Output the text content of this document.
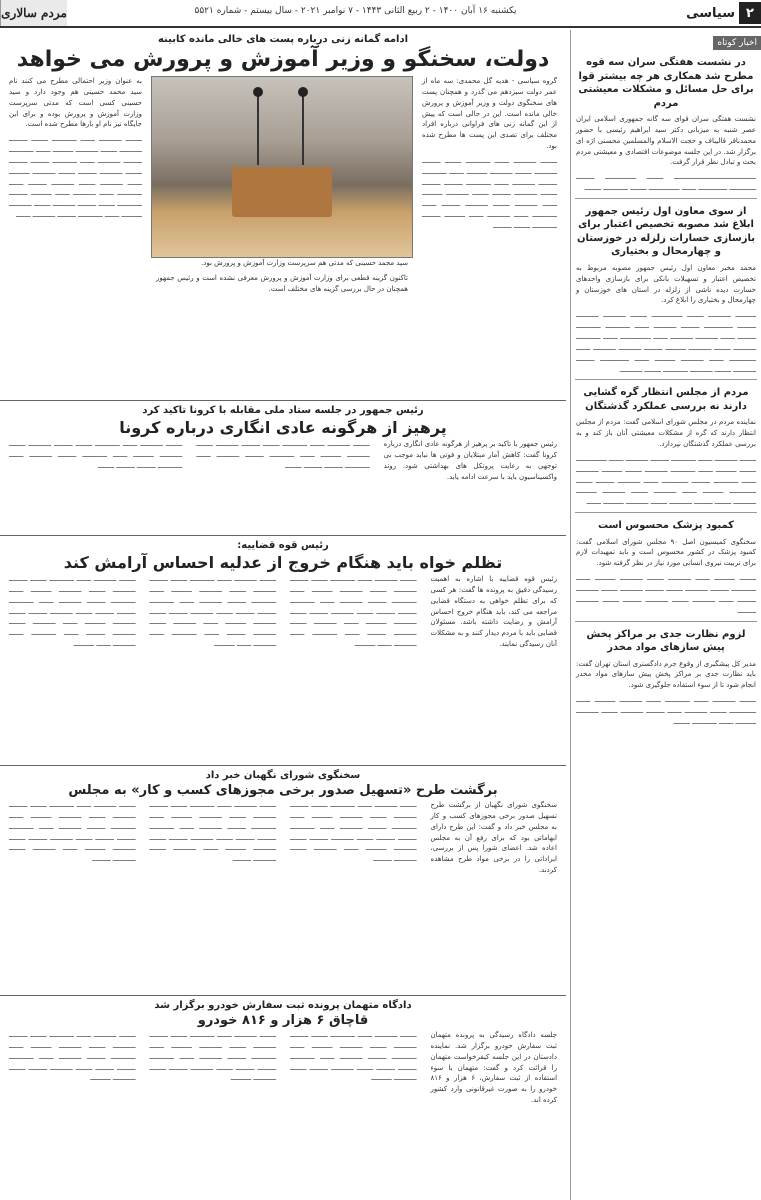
۲
سیاسی
یکشنبه ۱۶ آبان ۱۴۰۰ - ۲ ربیع الثانی ۱۴۴۳ - ۷ نوامبر ۲۰۲۱ - سال بیستم - شماره ۵۵۲۱
مردم سالاری
اخبار کوتاه
در نشست هفتگی سران سه قوه مطرح شد همکاری هر چه بیشتر قوا برای حل مسائل و مشکلات معیشتی مردم

نشست هفتگی سران قوای سه گانه جمهوری اسلامی ایران عصر شنبه به میزبانی دکتر سید ابراهیم رئیسی با حضور محمدباقر قالیباف و حجت الاسلام والمسلمین محسنی اژه ای برگزار شد. در این جلسه موضوعات اقتصادی و معیشتی مردم بحث و تبادل نظر قرار گرفت.

ــــــــــــــــــــــــــــــــــــــــ ــــــــ ـــــــــــــــ ـــــــــ ـــــــــــــ ــــــــــــــ ـــــــ ـــــــــــــــ ــــــــ ــــــــــــ ــــــــ

از سوی معاون اول رئیس جمهور ابلاغ شد مصوبه تخصیص اعتبار برای بازسازی خسارات زلزله در خوزستان و چهارمحال و بختیاری

محمد مخبر معاون اول رئیس جمهور مصوبه مربوط به تخصیص اعتبار و تسهیلات بانکی برای بازسازی واحدهای خسارت دیده ناشی از زلزله در استان های خوزستان و چهارمحال و بختیاری را ابلاغ کرد.

ــــــــــ ـــــــــــ ــــــــ ـــــــــــــــ ــــــــ ـــــــــــ ـــــــــــ ـــــــــ ــــــــــــــ ـــــــــ ـــــــــــ ـــــــ ــــــــــــ ــــــــــــ ـــــــــ ـــــــ ـــــــــــ ـــــــــــ ـــــــ ـــــــــــــــ ـــــــ ــــــــــــ ـــــــــــ ــــــــ ـــــــــــ ــــــــــ ـــــــــ ـــــــــــ ـــــــــــ ـــــــ ـــــــــــــ ـــــــ ـــــــــــ ــــــــــ ـــــــ ــــــــــــــ ـــــــــ ـــــــــــ ــــــــ ـــــــــــ ــــــــــــ ــــــــ ـــــــــــ

مردم از مجلس انتظار گره گشایی دارند نه بررسی عملکرد گذشتگان

نماینده مردم در مجلس شورای اسلامی گفت: مردم از مجلس انتظار دارند که گره از مشکلات معیشتی آنان باز کند و به بررسی عملکرد گذشتگان نپردازد.

ــــــــ ـــــــــــ ـــــــ ــــــــــــ ـــــــــ ـــــــــــ ـــــــ ـــــــــــــــ ــــــــ ــــــــــ ـــــــ ــــــــــــ ـــــــــــ ــــــــ ــــــــــ ـــــــــــ ـــــــ ــــــــــــ ـــــــــ ـــــــــــــ ـــــــ ـــــــــــ ـــــــــ ــــــــ ـــــــــــــ ــــــــــ ـــــــ ـــــــــــ ــــــــ ـــــــــــ ــــــــــ ـــــــــــ ــــــــ ـــــــــ ـــــــــــ ــــــــ ـــــــــــ ــــــــــ ـــــــ

کمبود پزشک محسوس است

سخنگوی کمیسیون اصل ۹۰ مجلس شورای اسلامی گفت: کمبود پزشک در کشور محسوس است و باید تمهیدات لازم برای تربیت نیروی انسانی مورد نیاز در نظر گرفته شود.

ــــــــ ــــــــــ ـــــــ ـــــــــــ ــــــــ ـــــــــــ ــــــــــ ـــــــ ــــــــــــ ـــــــــ ـــــــــــ ــــــــ ـــــــــ ـــــــــــ ــــــــ ـــــــــــ ـــــــــ ـــــــ ـــــــــــ ــــــــ ـــــــــــ ـــــــــ ــــــــ ـــــــــــ ـــــــــ

لزوم نظارت جدی بر مراکز پخش پیش سازهای مواد مخدر

مدیر کل پیشگیری از وقوع جرم دادگستری استان تهران گفت: باید نظارت جدی بر مراکز پخش پیش سازهای مواد مخدر انجام شود تا از سوء استفاده جلوگیری شود.

ــــــــ ـــــــــــ ـــــــ ــــــــــــ ـــــــ ـــــــــــ ــــــــــ ـــــــ ـــــــــــــ ــــــــ ـــــــــــ ـــــــ ـــــــــ ـــــــــــ ــــــــ ـــــــــــ ــــــــــ ـــــــ ــــــــــــ ــــــــ

ادامه گمانه زنی درباره پست های خالی مانده کابینه
دولت، سخنگو و وزیر آموزش و پرورش می خواهد

گروه سیاسی - هدیه گل محمدی: سه ماه از عمر دولت سیزدهم می گذرد و همچنان پست های سخنگوی دولت و وزیر آموزش و پرورش خالی مانده است. این در حالی است که پیش از این گمانه زنی های فراوانی درباره افراد مختلف برای تصدی این پست ها مطرح شده بود.

ــــــــ ـــــــــــ ـــــــ ــــــــــــ ــــــــ ـــــــــ ـــــــــــ ــــــــ ـــــــــــ ــــــــــ ـــــــ ــــــــــــ ـــــــــ ـــــــــــ ـــــــ ــــــــــــ ـــــــــ ـــــــــ ــــــــ ـــــــــــ ـــــــــ ــــــــ ـــــــــــ ــــــــــ ـــــــ ـــــــــــ ــــــــ ـــــــــــ ـــــــــ ـــــــ ــــــــــــ ـــــــ ـــــــــــ ـــــــ ــــــــــ ـــــــــ ــــــــــــ ــــــــ ـــــــــ

سید محمد حسینی که مدتی هم سرپرست وزارت آموزش و پرورش بود.

تاکنون گزینه قطعی برای وزارت آموزش و پرورش معرفی نشده است و رئیس جمهور همچنان در حال بررسی گزینه های مختلف است.

به عنوان وزیر احتمالی مطرح می کنند نام سید محمد حسینی هم وجود دارد و سید حسینی کسی است که مدتی سرپرست وزارت آموزش و پرورش بوده و برای این جایگاه نیز نام او بارها مطرح شده است.

ــــــــ ـــــــــــ ـــــــ ــــــــــــ ــــــــ ـــــــــ ـــــــــــ ــــــــ ـــــــــــ ــــــــــ ـــــــ ــــــــــــ ـــــــــ ـــــــــــ ـــــــ ــــــــــــ ـــــــــ ـــــــــ ــــــــ ـــــــــــ ـــــــــ ــــــــ ـــــــــــ ــــــــــ ـــــــ ـــــــــــ ــــــــ ـــــــــــ ـــــــــ ـــــــ ــــــــــــ ـــــــ ـــــــــــ ـــــــ ــــــــــ ـــــــــ ــــــــــــ ــــــــ ـــــــــ ـــــــــــ ــــــــ ـــــــــــ ــــــــــ ـــــــ ــــــــــــ ـــــــــ ـــــــــــ ـــــــ

رئیس جمهور در جلسه ستاد ملی مقابله با کرونا تاکید کرد
پرهیز از هرگونه عادی انگاری درباره کرونا

رئیس جمهور با تاکید بر پرهیز از هرگونه عادی انگاری درباره کرونا گفت: کاهش آمار مبتلایان و فوتی ها نباید موجب بی توجهی به رعایت پروتکل های بهداشتی شود. روند واکسیناسیون باید با سرعت ادامه یابد.

ــــــــ ـــــــــــ ـــــــ ــــــــــــ ــــــــ ـــــــــ ـــــــــــ ــــــــ ـــــــــــ ــــــــــ ـــــــ ــــــــــــ ـــــــــ ـــــــــــ ـــــــ ــــــــــــ ـــــــــ ـــــــــ ــــــــ

ــــــــ ـــــــــــ ـــــــ ــــــــــــ ــــــــ ـــــــــ ـــــــــــ ــــــــ ـــــــــــ ــــــــــ ـــــــ ــــــــــــ ـــــــــ ـــــــــــ ـــــــ ــــــــــــ ـــــــــ ـــــــــ ــــــــ

رئیس قوه قضاییه:
تظلم خواه باید هنگام خروج از عدلیه احساس آرامش کند

رئیس قوه قضاییه با اشاره به اهمیت رسیدگی دقیق به پرونده ها گفت: هر کسی که برای تظلم خواهی به دستگاه قضایی مراجعه می کند، باید هنگام خروج احساس آرامش و رضایت داشته باشد. مسئولان قضایی باید با مردم دیدار کنند و به مشکلات آنان رسیدگی نمایند.

ــــــــ ـــــــــــ ـــــــ ــــــــــــ ــــــــ ـــــــــ ـــــــــــ ــــــــ ـــــــــــ ــــــــــ ـــــــ ــــــــــــ ـــــــــ ـــــــــــ ـــــــ ــــــــــــ ـــــــــ ـــــــــ ــــــــ ـــــــــــ ـــــــــ ــــــــ ـــــــــــ ــــــــــ ـــــــ ـــــــــــ ــــــــ ـــــــــــ ـــــــــ ـــــــ ــــــــــــ ـــــــ ـــــــــــ ـــــــ ــــــــــ

ــــــــ ـــــــــــ ـــــــ ــــــــــــ ــــــــ ـــــــــ ـــــــــــ ــــــــ ـــــــــــ ــــــــــ ـــــــ ــــــــــــ ـــــــــ ـــــــــــ ـــــــ ــــــــــــ ـــــــــ ـــــــــ ــــــــ ـــــــــــ ـــــــــ ــــــــ ـــــــــــ ــــــــــ ـــــــ ـــــــــــ ــــــــ ـــــــــــ ـــــــــ ـــــــ ــــــــــــ ـــــــ ـــــــــــ ـــــــ ــــــــــ

ــــــــ ـــــــــــ ـــــــ ــــــــــــ ــــــــ ـــــــــ ـــــــــــ ــــــــ ـــــــــــ ــــــــــ ـــــــ ــــــــــــ ـــــــــ ـــــــــــ ـــــــ ــــــــــــ ـــــــــ ـــــــــ ــــــــ ـــــــــــ ـــــــــ ــــــــ ـــــــــــ ــــــــــ ـــــــ ـــــــــــ ــــــــ ـــــــــــ ـــــــــ ـــــــ ــــــــــــ ـــــــ ـــــــــــ ـــــــ ــــــــــ

سخنگوی شورای نگهبان خبر داد
برگشت طرح «تسهیل صدور برخی مجوزهای کسب و کار» به مجلس

سخنگوی شورای نگهبان از برگشت طرح تسهیل صدور برخی مجوزهای کسب و کار به مجلس خبر داد و گفت: این طرح دارای ابهاماتی بود که برای رفع آن به مجلس اعاده شد. اعضای شورا پس از بررسی، ایراداتی را در برخی مواد طرح مشاهده کردند.

ــــــــ ـــــــــــ ـــــــ ــــــــــــ ــــــــ ـــــــــ ـــــــــــ ــــــــ ـــــــــــ ــــــــــ ـــــــ ــــــــــــ ـــــــــ ـــــــــــ ـــــــ ــــــــــــ ـــــــــ ـــــــــ ــــــــ ـــــــــــ ـــــــــ ــــــــ ـــــــــــ ــــــــــ ـــــــ ـــــــــــ ــــــــ ـــــــــــ ـــــــــ

ــــــــ ـــــــــــ ـــــــ ــــــــــــ ــــــــ ـــــــــ ـــــــــــ ــــــــ ـــــــــــ ــــــــــ ـــــــ ــــــــــــ ـــــــــ ـــــــــــ ـــــــ ــــــــــــ ـــــــــ ـــــــــ ــــــــ ـــــــــــ ـــــــــ ــــــــ ـــــــــــ ــــــــــ ـــــــ ـــــــــــ ــــــــ ـــــــــــ ـــــــــ

ــــــــ ـــــــــــ ـــــــ ــــــــــــ ــــــــ ـــــــــ ـــــــــــ ــــــــ ـــــــــــ ــــــــــ ـــــــ ــــــــــــ ـــــــــ ـــــــــــ ـــــــ ــــــــــــ ـــــــــ ـــــــــ ــــــــ ـــــــــــ ـــــــــ ــــــــ ـــــــــــ ــــــــــ ـــــــ ـــــــــــ ــــــــ ـــــــــــ ـــــــــ

دادگاه متهمان پرونده ثبت سفارش خودرو برگزار شد
قاچاق ۶ هزار و ۸۱۶ خودرو

جلسه دادگاه رسیدگی به پرونده متهمان ثبت سفارش خودرو برگزار شد. نماینده دادستان در این جلسه کیفرخواست متهمان را قرائت کرد و گفت: متهمان با سوء استفاده از ثبت سفارش، ۶ هزار و ۸۱۶ خودرو را به صورت غیرقانونی وارد کشور کرده اند.

ــــــــ ـــــــــــ ـــــــ ــــــــــــ ــــــــ ـــــــــ ـــــــــــ ــــــــ ـــــــــــ ــــــــــ ـــــــ ــــــــــــ ـــــــــ ـــــــــــ ـــــــ ــــــــــــ ـــــــــ ـــــــــ ــــــــ ـــــــــــ ـــــــــ ــــــــ ـــــــــــ ــــــــــ

ــــــــ ـــــــــــ ـــــــ ــــــــــــ ــــــــ ـــــــــ ـــــــــــ ــــــــ ـــــــــــ ــــــــــ ـــــــ ــــــــــــ ـــــــــ ـــــــــــ ـــــــ ــــــــــــ ـــــــــ ـــــــــ ــــــــ ـــــــــــ ـــــــــ ــــــــ ـــــــــــ ــــــــــ

ــــــــ ـــــــــــ ـــــــ ــــــــــــ ــــــــ ـــــــــ ـــــــــــ ــــــــ ـــــــــــ ــــــــــ ـــــــ ــــــــــــ ـــــــــ ـــــــــــ ـــــــ ــــــــــــ ـــــــــ ـــــــــ ــــــــ ـــــــــــ ـــــــــ ــــــــ ـــــــــــ ــــــــــ
